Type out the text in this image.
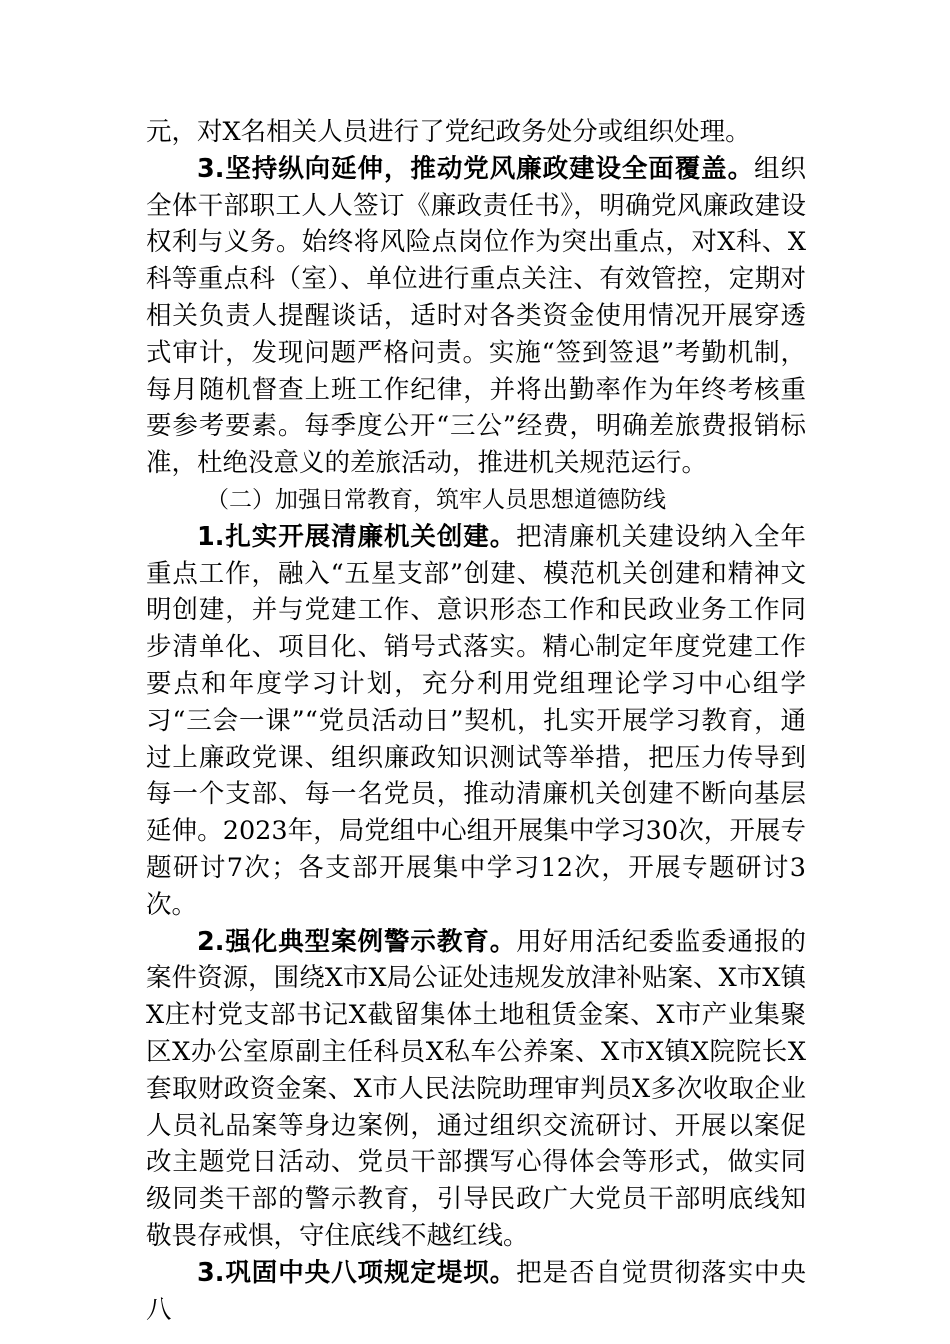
元，对X名相关人员进行了党纪政务处分或组织处理。

3.坚持纵向延伸，推动党风廉政建设全面覆盖。组织全体干部职工人人签订《廉政责任书》，明确党风廉政建设权利与义务。始终将风险点岗位作为突出重点，对X科、X科等重点科（室）、单位进行重点关注、有效管控，定期对相关负责人提醒谈话，适时对各类资金使用情况开展穿透式审计，发现问题严格问责。实施“签到签退”考勤机制，每月随机督查上班工作纪律，并将出勤率作为年终考核重要参考要素。每季度公开“三公”经费，明确差旅费报销标准，杜绝没意义的差旅活动，推进机关规范运行。

（二）加强日常教育，筑牢人员思想道德防线

1.扎实开展清廉机关创建。把清廉机关建设纳入全年重点工作，融入“五星支部”创建、模范机关创建和精神文明创建，并与党建工作、意识形态工作和民政业务工作同步清单化、项目化、销号式落实。精心制定年度党建工作要点和年度学习计划，充分利用党组理论学习中心组学习“三会一课”“党员活动日”契机，扎实开展学习教育，通过上廉政党课、组织廉政知识测试等举措，把压力传导到每一个支部、每一名党员，推动清廉机关创建不断向基层延伸。2023年，局党组中心组开展集中学习30次，开展专题研讨7次；各支部开展集中学习12次，开展专题研讨3次。

2.强化典型案例警示教育。用好用活纪委监委通报的案件资源，围绕X市X局公证处违规发放津补贴案、X市X镇X庄村党支部书记X截留集体土地租赁金案、X市产业集聚区X办公室原副主任科员X私车公养案、X市X镇X院院长X套取财政资金案、X市人民法院助理审判员X多次收取企业人员礼品案等身边案例，通过组织交流研讨、开展以案促改主题党日活动、党员干部撰写心得体会等形式，做实同级同类干部的警示教育，引导民政广大党员干部明底线知敬畏存戒惧，守住底线不越红线。

3.巩固中央八项规定堤坝。把是否自觉贯彻落实中央八
